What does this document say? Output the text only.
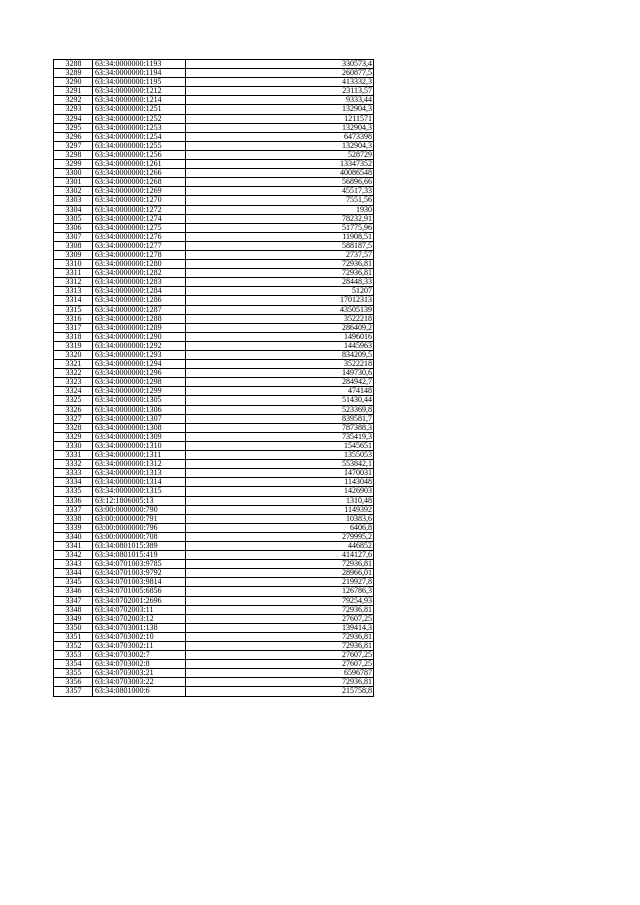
3288	63:34:0000000:1193	330573,4
3289	63:34:0000000:1194	260877,5
3290	63:34:0000000:1195	413332,3
3291	63:34:0000000:1212	23113,57
3292	63:34:0000000:1214	9333,44
3293	63:34:0000000:1251	132904,3
3294	63:34:0000000:1252	1211571
3295	63:34:0000000:1253	132904,3
3296	63:34:0000000:1254	6473398
3297	63:34:0000000:1255	132904,3
3298	63:34:0000000:1256	528729
3299	63:34:0000000:1261	13347352
3300	63:34:0000000:1266	40086548
3301	63:34:0000000:1268	56896,66
3302	63:34:0000000:1269	45517,33
3303	63:34:0000000:1270	7551,56
3304	63:34:0000000:1272	1930
3305	63:34:0000000:1274	78232,91
3306	63:34:0000000:1275	51775,96
3307	63:34:0000000:1276	11908,51
3308	63:34:0000000:1277	588187,5
3309	63:34:0000000:1278	2737,57
3310	63:34:0000000:1280	72936,81
3311	63:34:0000000:1282	72936,81
3312	63:34:0000000:1283	28448,33
3313	63:34:0000000:1284	51207
3314	63:34:0000000:1286	17012313
3315	63:34:0000000:1287	43505139
3316	63:34:0000000:1288	3522218
3317	63:34:0000000:1289	286409,2
3318	63:34:0000000:1290	1496016
3319	63:34:0000000:1292	1445963
3320	63:34:0000000:1293	834209,5
3321	63:34:0000000:1294	3522218
3322	63:34:0000000:1296	149730,6
3323	63:34:0000000:1298	284942,7
3324	63:34:0000000:1299	474148
3325	63:34:0000000:1305	51430,44
3326	63:34:0000000:1306	523369,8
3327	63:34:0000000:1307	839581,7
3328	63:34:0000000:1308	787388,3
3329	63:34:0000000:1309	735419,3
3330	63:34:0000000:1310	1545651
3331	63:34:0000000:1311	1355053
3332	63:34:0000000:1312	553842,1
3333	63:34:0000000:1313	1470031
3334	63:34:0000000:1314	1143048
3335	63:34:0000000:1315	1426903
3336	63:12:1806005:13	1310,48
3337	63:00:0000000:790	1149392
3338	63:00:0000000:791	10383,6
3339	63:00:0000000:796	6406,8
3340	63:00:0000000:708	279995,2
3341	63:34:0801015:389	446852
3342	63:34:0801015:419	414127,6
3343	63:34:0701003:9785	72936,81
3344	63:34:0701003:9792	28966,01
3345	63:34:0701003:9814	219927,8
3346	63:34:0701005:6856	126786,3
3347	63:34:0702001:2696	79254,93
3348	63:34:0702003:11	72936,81
3349	63:34:0702003:12	27607,25
3350	63:34:0703001:138	139414,3
3351	63:34:0703002:10	72936,81
3352	63:34:0703002:11	72936,81
3353	63:34:0703002:7	27607,25
3354	63:34:0703002:8	27607,25
3355	63:34:0703003:21	6596787
3356	63:34:0703003:22	72936,81
3357	63:34:0801000:6	215758,8
